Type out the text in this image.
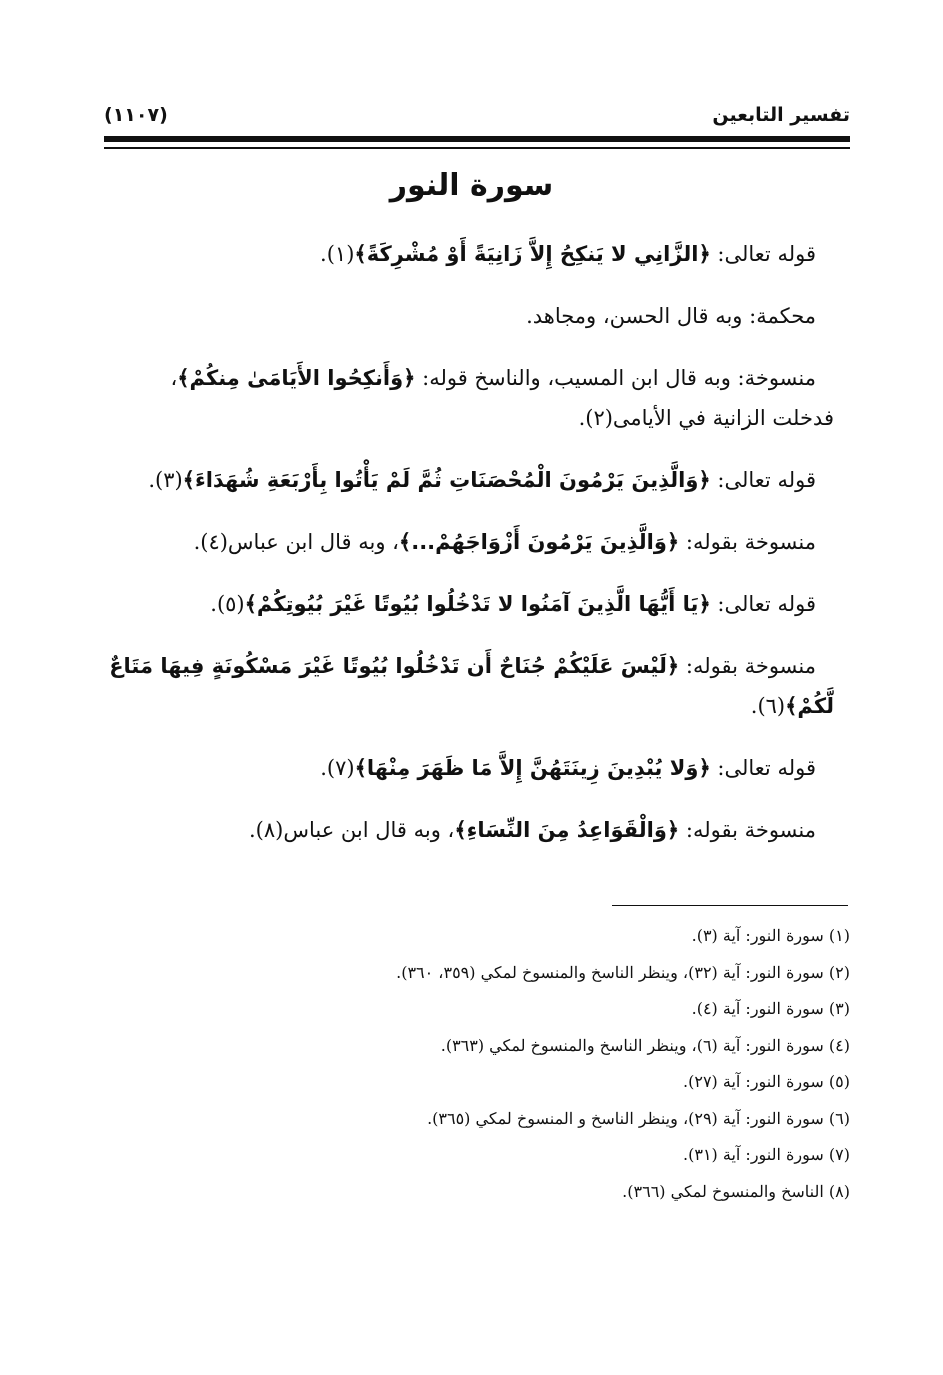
تفسير التابعين
(١١٠٧)
سورة النور

قوله تعالى: ﴿الزَّانِي لا يَنكِحُ إِلاَّ زَانِيَةً أَوْ مُشْرِكَةً﴾(١).

محكمة: وبه قال الحسن، ومجاهد.

منسوخة: وبه قال ابن المسيب، والناسخ قوله: ﴿وَأَنكِحُوا الأَيَامَىٰ مِنكُمْ﴾، فدخلت الزانية في الأيامى(٢).

قوله تعالى: ﴿وَالَّذِينَ يَرْمُونَ الْمُحْصَنَاتِ ثُمَّ لَمْ يَأْتُوا بِأَرْبَعَةِ شُهَدَاءَ﴾(٣).

منسوخة بقوله: ﴿وَالَّذِينَ يَرْمُونَ أَزْوَاجَهُمْ...﴾، وبه قال ابن عباس(٤).

قوله تعالى: ﴿يَا أَيُّهَا الَّذِينَ آمَنُوا لا تَدْخُلُوا بُيُوتًا غَيْرَ بُيُوتِكُمْ﴾(٥).

منسوخة بقوله: ﴿لَيْسَ عَلَيْكُمْ جُنَاحٌ أَن تَدْخُلُوا بُيُوتًا غَيْرَ مَسْكُونَةٍ فِيهَا مَتَاعٌ لَّكُمْ﴾(٦).

قوله تعالى: ﴿وَلا يُبْدِينَ زِينَتَهُنَّ إِلاَّ مَا ظَهَرَ مِنْهَا﴾(٧).

منسوخة بقوله: ﴿وَالْقَوَاعِدُ مِنَ النِّسَاءِ﴾، وبه قال ابن عباس(٨).

(١) سورة النور: آية (٣).

(٢) سورة النور: آية (٣٢)، وينظر الناسخ والمنسوخ لمكي (٣٥٩، ٣٦٠).

(٣) سورة النور: آية (٤).

(٤) سورة النور: آية (٦)، وينظر الناسخ والمنسوخ لمكي (٣٦٣).

(٥) سورة النور: آية (٢٧).

(٦) سورة النور: آية (٢٩)، وينظر الناسخ و المنسوخ لمكي (٣٦٥).

(٧) سورة النور: آية (٣١).

(٨) الناسخ والمنسوخ لمكي (٣٦٦).
